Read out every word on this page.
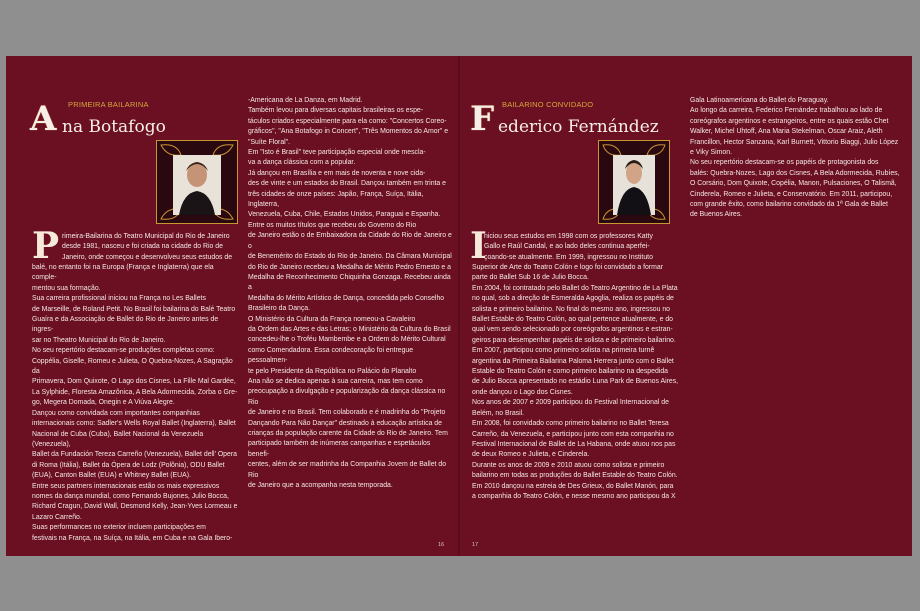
PRIMEIRA BAILARINA
A na Botafogo
P rimeira-Bailarina do Teatro Municipal do Rio de Janeiro
desde 1981, nasceu e foi criada na cidade do Rio de
Janeiro, onde começou e desenvolveu seus estudos de
balé, no entanto foi na Europa (França e Inglaterra) que ela comple-
mentou sua formação.
Sua carreira profissional iniciou na França no Les Ballets
de Marseille, de Roland Petit. No Brasil foi bailarina do Balé Teatro
Guaíra e da Associação de Ballet do Rio de Janeiro antes de ingres-
sar no Theatro Municipal do Rio de Janeiro.
No seu repertório destacam-se produções completas como:
Coppélia, Giselle, Romeu e Julieta, O Quebra-Nozes, A Sagração da
Primavera, Dom Quixote, O Lago dos Cisnes, La Fille Mal Gardée,
La Sylphide, Floresta Amazônica, A Bela Adormecida, Zorba o Gre-
go, Megera Domada, Onegin e A Viúva Alegre.
Dançou como convidada com importantes companhias
internacionais como: Sadler's Wells Royal Ballet (Inglaterra), Ballet
Nacional de Cuba (Cuba), Ballet Nacional da Venezuela (Venezuela),
Ballet da Fundación Tereza Carreño (Venezuela), Ballet dell' Opera
di Roma (Itália), Ballet da Ópera de Lodz (Polônia), ODU Ballet
(EUA), Canton Ballet (EUA) e Whitney Ballet (EUA).
Entre seus partners internacionais estão os mais expressivos
nomes da dança mundial, como Fernando Bujones, Julio Bocca,
Richard Cragun, David Wall, Desmond Kelly, Jean-Yves Lormeau e
Lazaro Carreño.
Suas performances no exterior incluem participações em
festivais na França, na Suíça, na Itália, em Cuba e na Gala Ibero-
-Americana de La Danza, em Madrid.
Também levou para diversas capitais brasileiras os espe-
táculos criados especialmente para ela como: "Concertos Coreo-
gráficos", "Ana Botafogo in Concert", "Três Momentos do Amor" e
"Suíte Floral".
Em "Isto é Brasil" teve participação especial onde mescla-
va a dança clássica com a popular.
Já dançou em Brasília e em mais de noventa e nove cida-
des de vinte e um estados do Brasil. Dançou também em trinta e
três cidades de onze países: Japão, França, Suíça, Itália, Inglaterra,
Venezuela, Cuba, Chile, Estados Unidos, Paraguai e Espanha.
Entre os muitos títulos que recebeu do Governo do Rio
de Janeiro estão o de Embaixadora da Cidade do Rio de Janeiro e o
de Benemérito do Estado do Rio de Janeiro. Da Câmara Municipal
do Rio de Janeiro recebeu a Medalha de Mérito Pedro Ernesto e a
Medalha de Reconhecimento Chiquinha Gonzaga. Recebeu ainda a
Medalha do Mérito Artístico de Dança, concedida pelo Conselho
Brasileiro da Dança.
O Ministério da Cultura da França nomeou-a Cavaleiro
da Ordem das Artes e das Letras; o Ministério da Cultura do Brasil
concedeu-lhe o Troféu Mambembe e a Ordem do Mérito Cultural
como Comendadora. Essa condecoração foi entregue pessoalmen-
te pelo Presidente da República no Palácio do Planalto
Ana não se dedica apenas à sua carreira, mas tem como
preocupação a divulgação e popularização da dança clássica no Rio
de Janeiro e no Brasil. Tem colaborado e é madrinha do "Projeto
Dançando Para Não Dançar" destinado à educação artística de
crianças da população carente da Cidade do Rio de Janeiro. Tem
participado também de inúmeras campanhas e espetáculos benefi-
centes, além de ser madrinha da Companhia Jovem de Ballet do Rio
de Janeiro que a acompanha nesta temporada.
16
BAILARINO CONVIDADO
F ederico Fernández
I
niciou seus estudos em 1998 com os professores Katty
Gallo e Raúl Candal, e ao lado deles continua aperfei-
çoando-se atualmente. Em 1999, ingressou no Instituto
Superior de Arte do Teatro Colón e logo foi convidado a formar
parte do Ballet Sub 16 de Julio Bocca.
Em 2004, foi contratado pelo Ballet do Teatro Argentino de La Plata
no qual, sob a direção de Esmeralda Agoglia, realiza os papéis de
solista e primeiro bailarino. No final do mesmo ano, ingressou no
Ballet Estable do Teatro Colón, ao qual pertence atualmente, e do
qual vem sendo selecionado por coreógrafos argentinos e estran-
geiros para desempenhar papéis de solista e de primeiro bailarino.
Em 2007, participou como primeiro solista na primeira turnê
argentina da Primeira Bailarina Paloma Herrera junto com o Ballet
Estable do Teatro Colón e como primeiro bailarino na despedida
de Julio Bocca apresentado no estádio Luna Park de Buenos Aires,
onde dançou o Lago dos Cisnes.
Nos anos de 2007 e 2009 participou do Festival Internacional de
Belém, no Brasil.
Em 2008, foi convidado como primeiro bailarino no Ballet Teresa
Carreño, da Venezuela, e participou junto com esta companhia no
Festival Internacional de Ballet de La Habana, onde atuou nos pas
de deux Romeo e Julieta, e Cinderela.
Durante os anos de 2009 e 2010 atuou como solista e primeiro
bailarino em todas as produções do Ballet Estable do Teatro Colón.
Em 2010 dançou na estreia de Des Grieux, do Ballet Manón, para
a companhia do Teatro Colón, e nesse mesmo ano participou da X
Gala Latinoamericana do Ballet do Paraguay.
Ao longo da carreira, Federico Fernández trabalhou ao lado de
coreógrafos argentinos e estrangeiros, entre os quais estão Chet
Walker, Michel Uhtoff, Ana Maria Stekelman, Oscar Araiz, Aleth
Francillon, Hector Sanzana, Karl Burnett, Vittorio Biaggi, Julio López
e Viky Simon.
No seu repertório destacam-se os papéis de protagonista dos
balés: Quebra-Nozes, Lago dos Cisnes, A Bela Adormecida, Rubíes,
O Corsário, Dom Quixote, Copélia, Manon, Pulsaciones, O Talismã,
Cinderela, Romeo e Julieta, e Conservatório. Em 2011, participou,
com grande êxito, como bailarino convidado da 1ª Gala de Ballet
de Buenos Aires.
17
